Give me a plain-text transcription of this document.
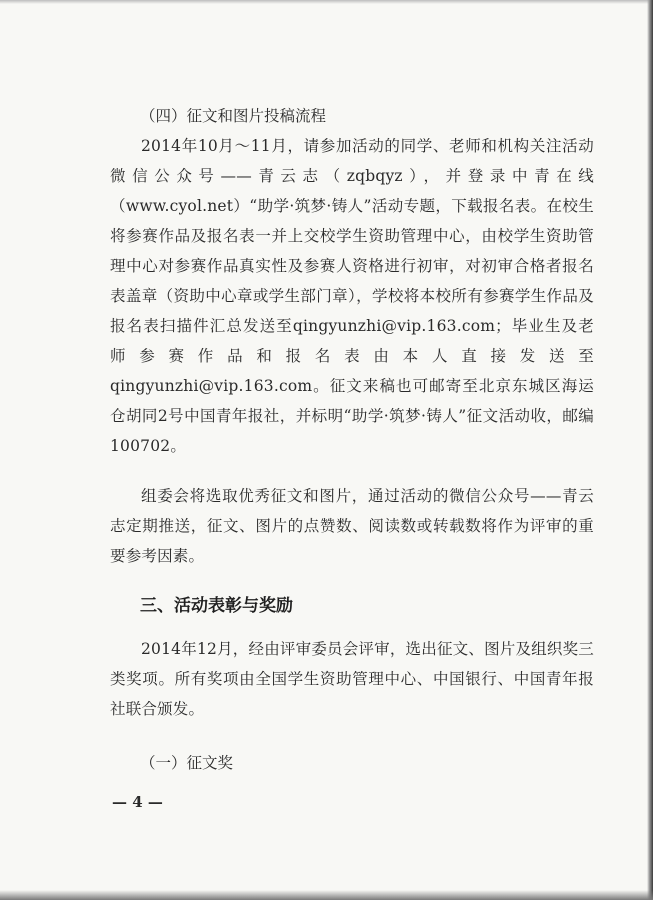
（四）征文和图片投稿流程

2014年10月～11月，请参加活动的同学、老师和机构关注活动微信公众号——青云志（zqbqyz），并登录中青在线（www.cyol.net）“助学·筑梦·铸人”活动专题，下载报名表。在校生将参赛作品及报名表一并上交校学生资助管理中心，由校学生资助管理中心对参赛作品真实性及参赛人资格进行初审，对初审合格者报名表盖章（资助中心章或学生部门章），学校将本校所有参赛学生作品及报名表扫描件汇总发送至qingyunzhi@vip.163.com；毕业生及老师参赛作品和报名表由本人直接发送至qingyunzhi@vip.163.com。征文来稿也可邮寄至北京东城区海运仓胡同2号中国青年报社，并标明“助学·筑梦·铸人”征文活动收，邮编100702。

组委会将选取优秀征文和图片，通过活动的微信公众号——青云志定期推送，征文、图片的点赞数、阅读数或转载数将作为评审的重要参考因素。

三、活动表彰与奖励

2014年12月，经由评审委员会评审，选出征文、图片及组织奖三类奖项。所有奖项由全国学生资助管理中心、中国银行、中国青年报社联合颁发。

（一）征文奖
— 4 —
